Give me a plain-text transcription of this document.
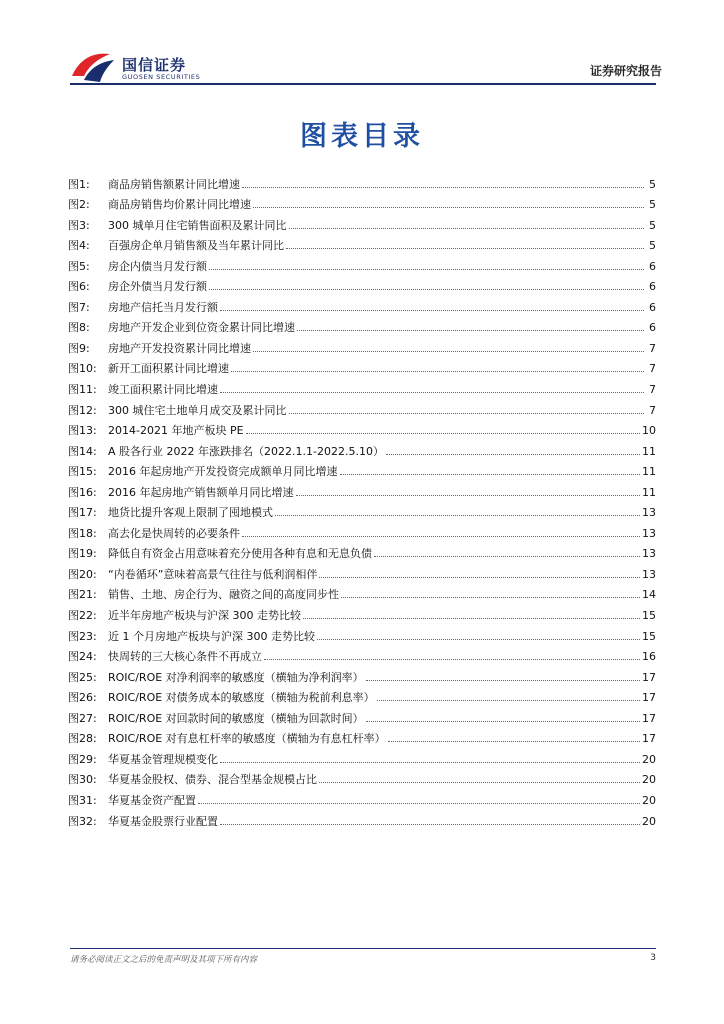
国信证券
GUOSEN SECURITIES	证券研究报告
图表目录
图1:	商品房销售额累计同比增速	5
图2:	商品房销售均价累计同比增速	5
图3:	300 城单月住宅销售面积及累计同比	5
图4:	百强房企单月销售额及当年累计同比	5
图5:	房企内债当月发行额	6
图6:	房企外债当月发行额	6
图7:	房地产信托当月发行额	6
图8:	房地产开发企业到位资金累计同比增速	6
图9:	房地产开发投资累计同比增速	7
图10:	新开工面积累计同比增速	7
图11:	竣工面积累计同比增速	7
图12:	300 城住宅土地单月成交及累计同比	7
图13:	2014-2021 年地产板块 PE	10
图14:	A 股各行业 2022 年涨跌排名（2022.1.1-2022.5.10）	11
图15:	2016 年起房地产开发投资完成额单月同比增速	11
图16:	2016 年起房地产销售额单月同比增速	11
图17:	地货比提升客观上限制了囤地模式	13
图18:	高去化是快周转的必要条件	13
图19:	降低自有资金占用意味着充分使用各种有息和无息负债	13
图20:	“内卷循环”意味着高景气往往与低利润相伴	13
图21:	销售、土地、房企行为、融资之间的高度同步性	14
图22:	近半年房地产板块与沪深 300 走势比较	15
图23:	近 1 个月房地产板块与沪深 300 走势比较	15
图24:	快周转的三大核心条件不再成立	16
图25:	ROIC/ROE 对净利润率的敏感度（横轴为净利润率）	17
图26:	ROIC/ROE 对债务成本的敏感度（横轴为税前利息率）	17
图27:	ROIC/ROE 对回款时间的敏感度（横轴为回款时间）	17
图28:	ROIC/ROE 对有息杠杆率的敏感度（横轴为有息杠杆率）	17
图29:	华夏基金管理规模变化	20
图30:	华夏基金股权、债券、混合型基金规模占比	20
图31:	华夏基金资产配置	20
图32:	华夏基金股票行业配置	20
请务必阅读正文之后的免责声明及其项下所有内容	3
